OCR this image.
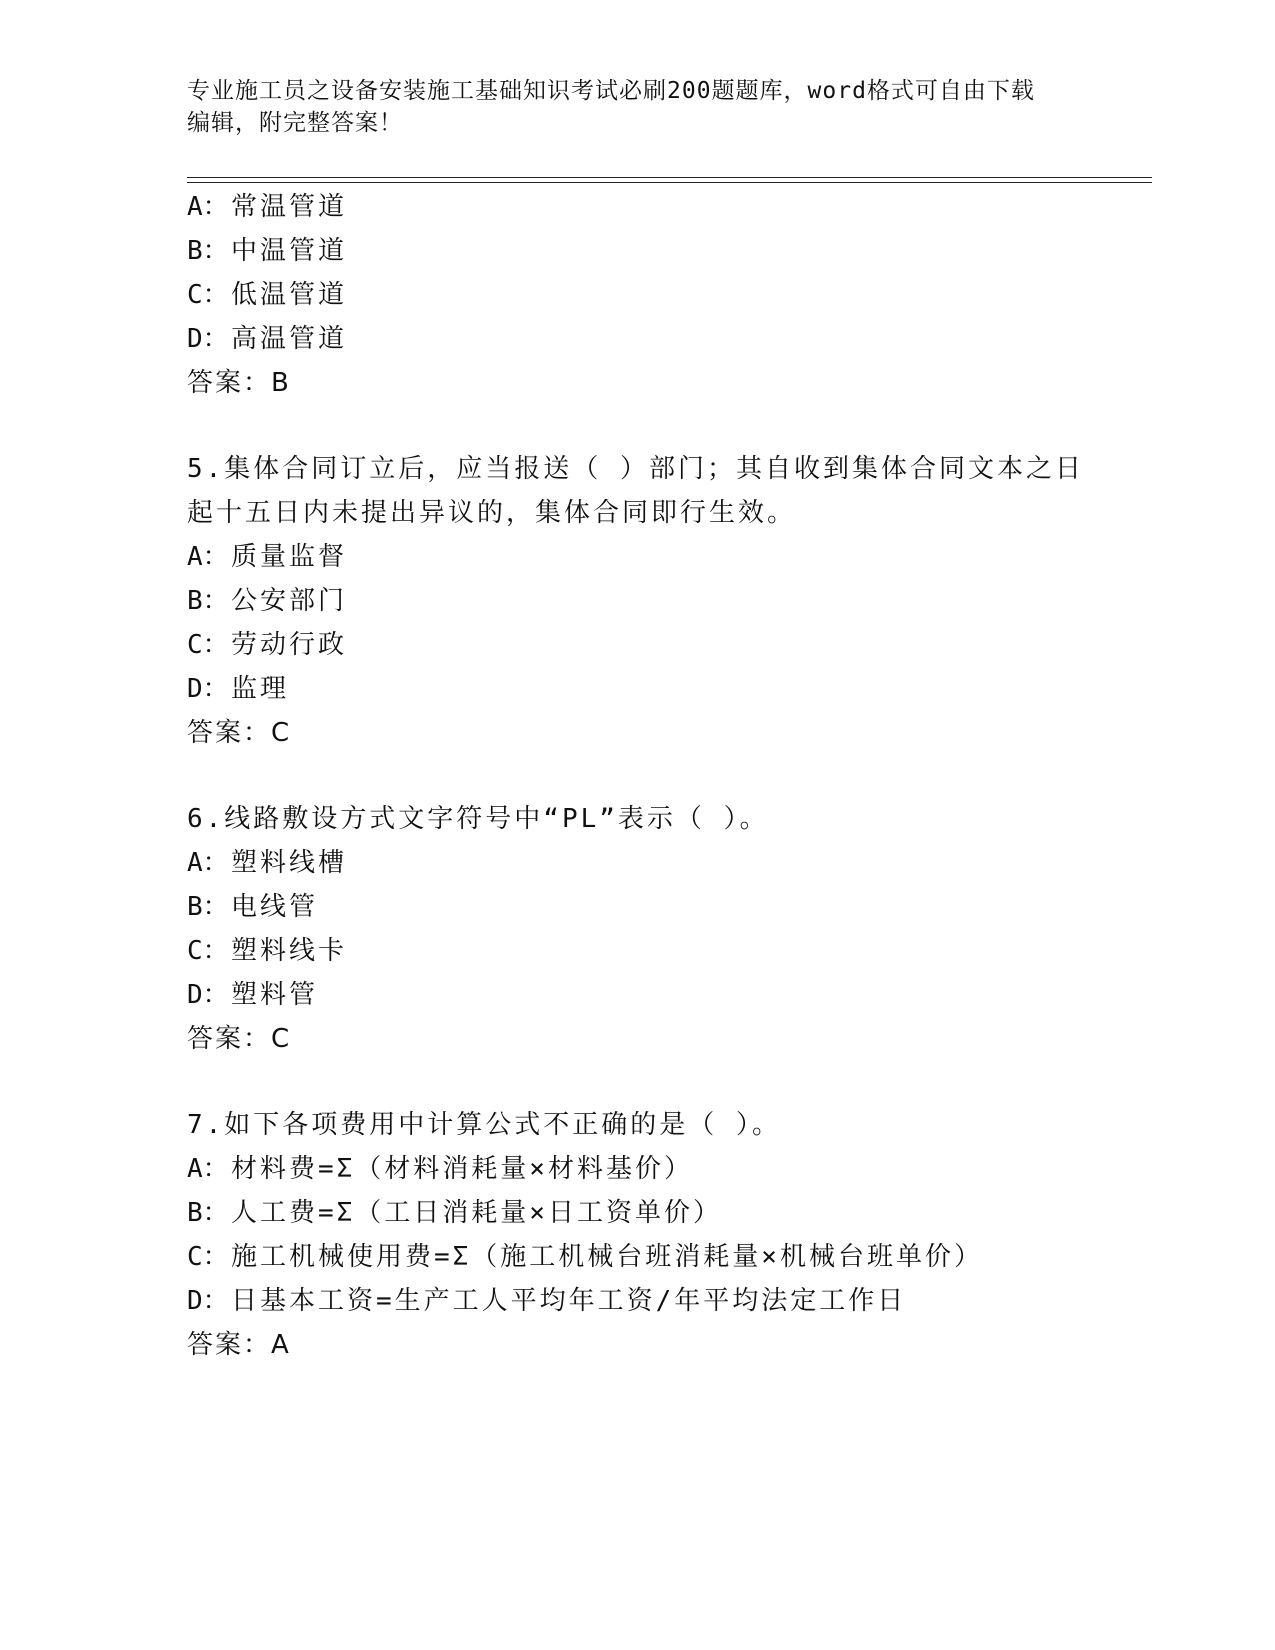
专业施工员之设备安装施工基础知识考试必刷200题题库，word格式可自由下载
编辑，附完整答案！
A：常温管道
B：中温管道
C：低温管道
D：高温管道
答案：B
5.集体合同订立后，应当报送（ ）部门；其自收到集体合同文本之日
起十五日内未提出异议的，集体合同即行生效。
A：质量监督
B：公安部门
C：劳动行政
D：监理
答案：C
6.线路敷设方式文字符号中“PL”表示（ ）。
A：塑料线槽
B：电线管
C：塑料线卡
D：塑料管
答案：C
7.如下各项费用中计算公式不正确的是（ ）。
A：材料费=Σ（材料消耗量×材料基价）
B：人工费=Σ（工日消耗量×日工资单价）
C：施工机械使用费=Σ（施工机械台班消耗量×机械台班单价）
D：日基本工资=生产工人平均年工资/年平均法定工作日
答案：A
